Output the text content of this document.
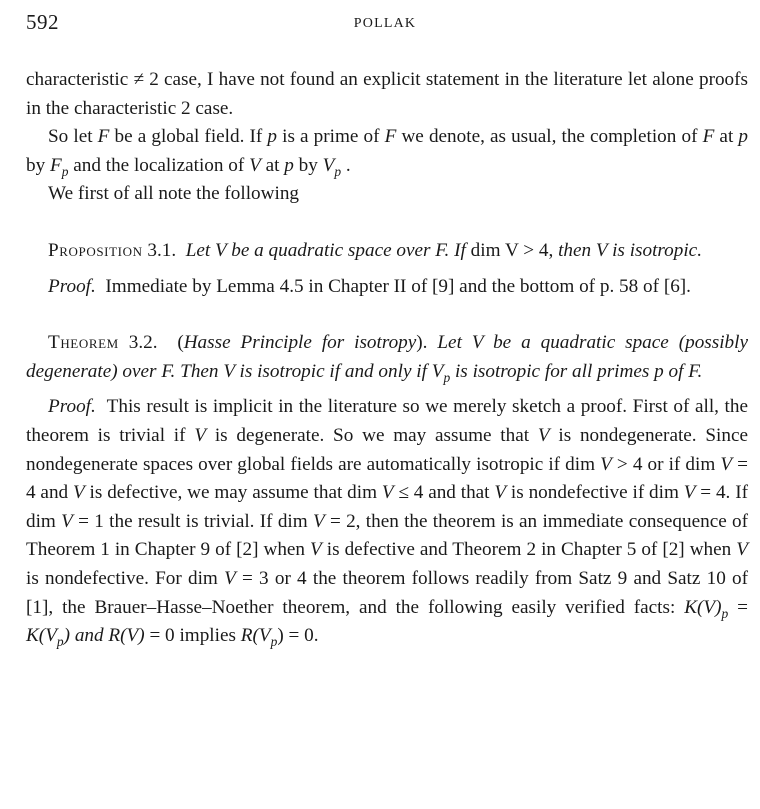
592	POLLAK

characteristic ≠ 2 case, I have not found an explicit statement in the literature let alone proofs in the characteristic 2 case.

So let F be a global field. If p is a prime of F we denote, as usual, the completion of F at p by $F_p$ and the localization of V at p by $V_p$ .

We first of all note the following

Proposition 3.1. Let V be a quadratic space over F. If dim V > 4, then V is isotropic.

Proof. Immediate by Lemma 4.5 in Chapter II of [9] and the bottom of p. 58 of [6].

Theorem 3.2. (Hasse Principle for isotropy). Let V be a quadratic space (possibly degenerate) over F. Then V is isotropic if and only if $V_p$ is isotropic for all primes p of F.

Proof. This result is implicit in the literature so we merely sketch a proof. First of all, the theorem is trivial if V is degenerate. So we may assume that V is nondegenerate. Since nondegenerate spaces over global fields are automatically isotropic if dim V > 4 or if dim V = 4 and V is defective, we may assume that dim V ≤ 4 and that V is nondefective if dim V = 4. If dim V = 1 the result is trivial. If dim V = 2, then the theorem is an immediate consequence of Theorem 1 in Chapter 9 of [2] when V is defective and Theorem 2 in Chapter 5 of [2] when V is nondefective. For dim V = 3 or 4 the theorem follows readily from Satz 9 and Satz 10 of [1], the Brauer–Hasse–Noether theorem, and the following easily verified facts: $K(V)_p = K(V_p)$ and R(V) = 0 implies $R(V_p) = 0$.
